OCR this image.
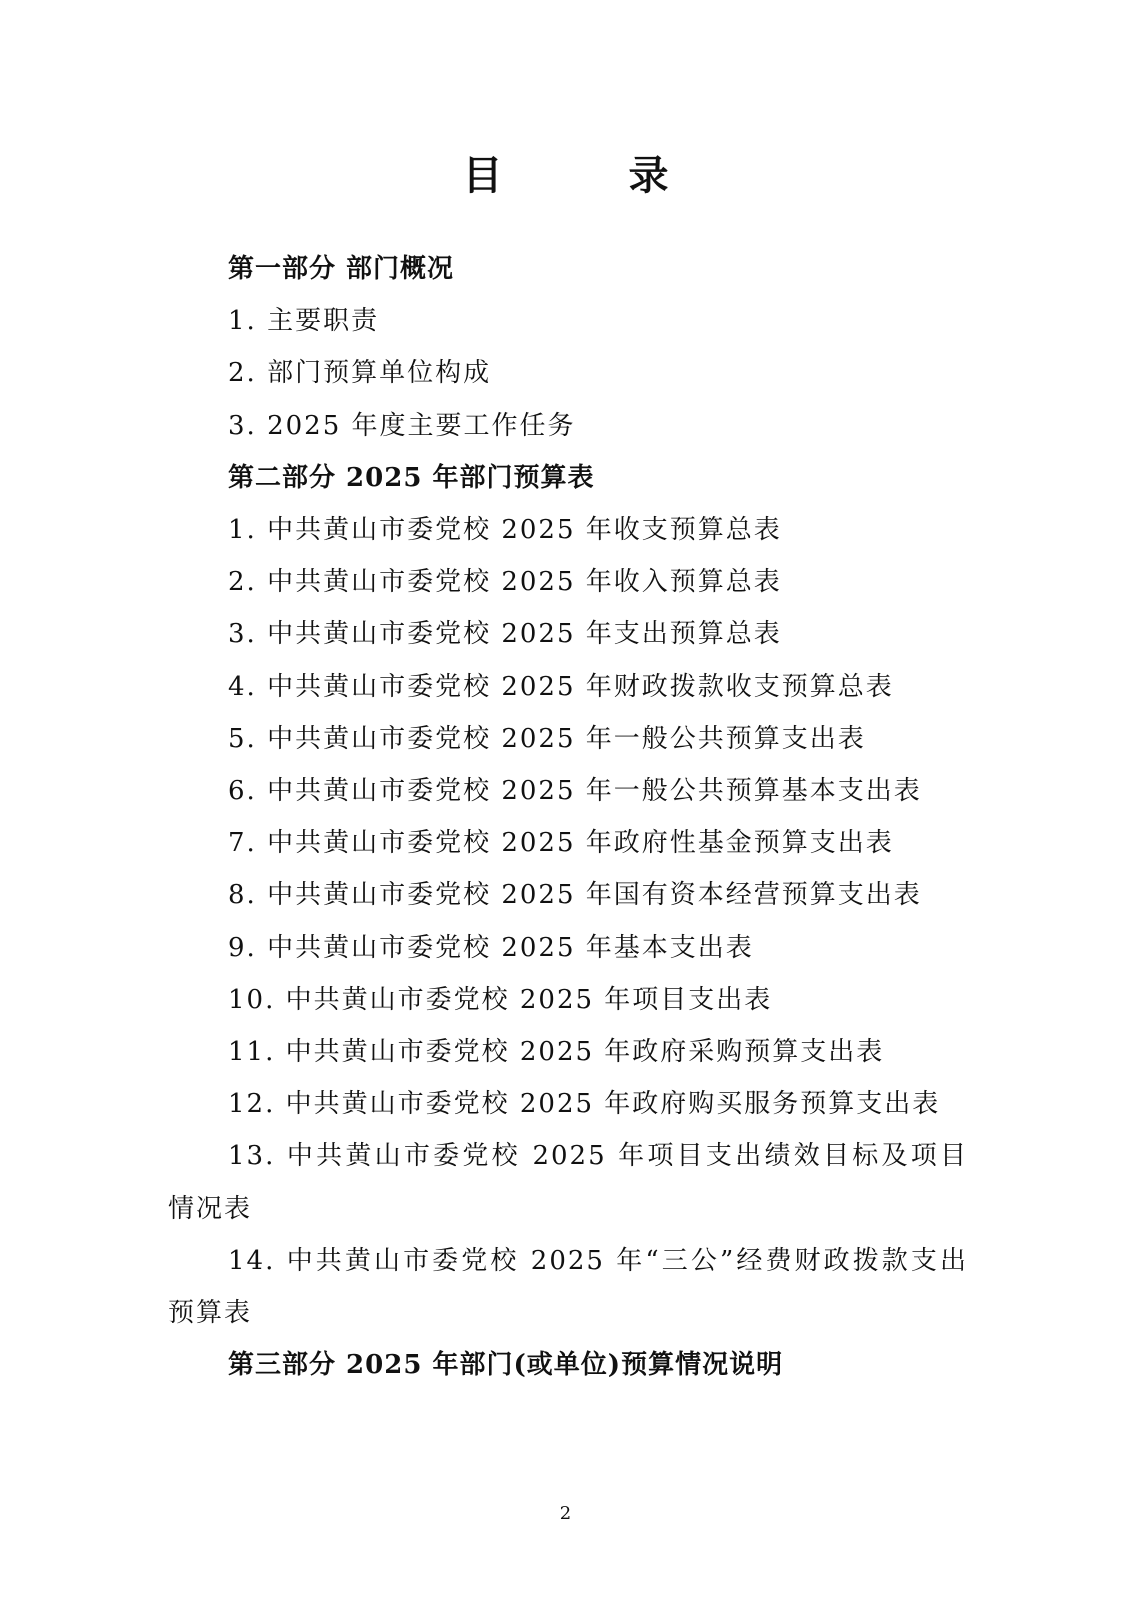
目 录
第一部分 部门概况
1. 主要职责
2. 部门预算单位构成
3. 2025 年度主要工作任务
第二部分 2025 年部门预算表
1. 中共黄山市委党校 2025 年收支预算总表
2. 中共黄山市委党校 2025 年收入预算总表
3. 中共黄山市委党校 2025 年支出预算总表
4. 中共黄山市委党校 2025 年财政拨款收支预算总表
5. 中共黄山市委党校 2025 年一般公共预算支出表
6. 中共黄山市委党校 2025 年一般公共预算基本支出表
7. 中共黄山市委党校 2025 年政府性基金预算支出表
8. 中共黄山市委党校 2025 年国有资本经营预算支出表
9. 中共黄山市委党校 2025 年基本支出表
10. 中共黄山市委党校 2025 年项目支出表
11. 中共黄山市委党校 2025 年政府采购预算支出表
12. 中共黄山市委党校 2025 年政府购买服务预算支出表
13. 中共黄山市委党校 2025 年项目支出绩效目标及项目情况表
14. 中共黄山市委党校 2025 年“三公”经费财政拨款支出预算表
第三部分 2025 年部门(或单位)预算情况说明
2
